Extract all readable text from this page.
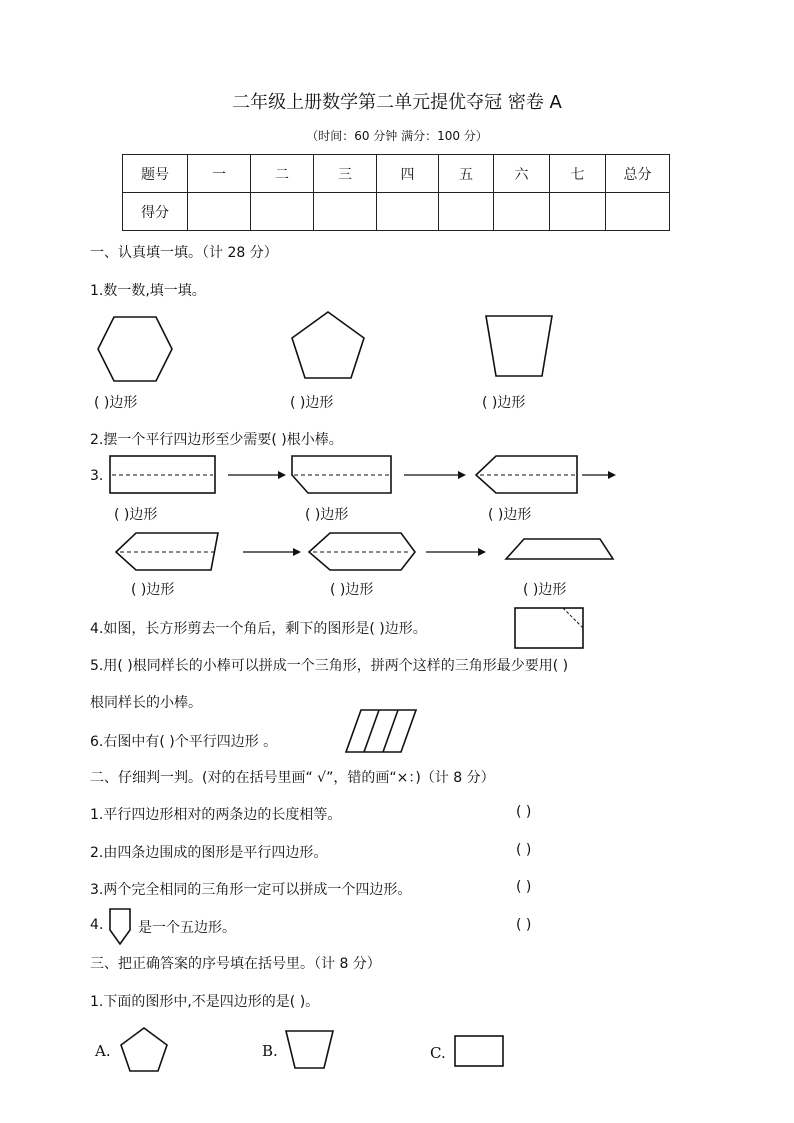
二年级上册数学第二单元提优夺冠 密卷 A
（时间：60 分钟 满分：100 分）
题号	一	二	三	四	五	六	七	总分
得分								
一、认真填一填。（计 28 分）
1.数一数,填一填。
( )边形	( )边形	( )边形
2.摆一个平行四边形至少需要( )根小棒。
3.
( )边形	( )边形	( )边形
( )边形	( )边形	( )边形
4.如图，长方形剪去一个角后，剩下的图形是( )边形。
5.用( )根同样长的小棒可以拼成一个三角形，拼两个这样的三角形最少要用( )
根同样长的小棒。
6.右图中有( )个平行四边形 。
二、仔细判一判。(对的在括号里画“ √”，错的画“×：)（计 8 分）
1.平行四边形相对的两条边的长度相等。	( )
2.由四条边围成的图形是平行四边形。	( )
3.两个完全相同的三角形一定可以拼成一个四边形。	( )
4. 是一个五边形。	( )
三、把正确答案的序号填在括号里。（计 8 分）
1.下面的图形中,不是四边形的是( )。
A.	B.	C.
